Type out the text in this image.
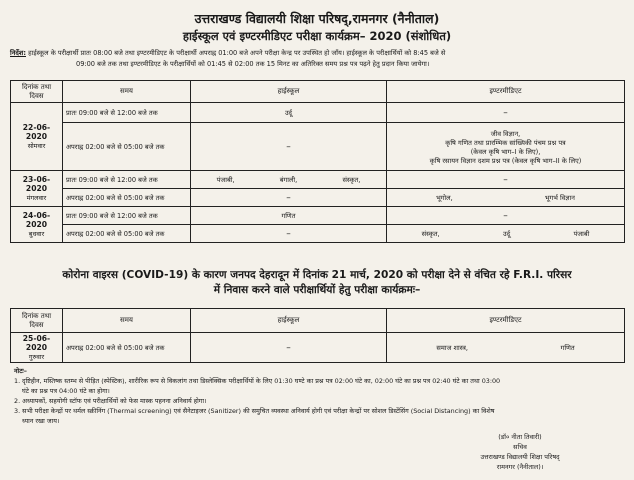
उत्तराखण्ड विद्यालयी शिक्षा परिषद्,रामनगर (नैनीताल)
हाईस्कूल एवं इण्टरमीडिएट परीक्षा कार्यक्रम– 2020 (संशोधित)
निर्देश: हाईस्कूल के परीक्षार्थी प्रातः 08:00 बजे तथा इण्टरमीडिएट के परीक्षार्थी अपराह्न 01:00 बजे अपने परीक्षा केन्द्र पर उपस्थित हो जाँय। हाईस्कूल के परीक्षार्थियों को 8:45 बजे से
09:00 बजे तक तथा इण्टरमीडिएट के परीक्षार्थियों को 01:45 से 02:00 तक 15 मिनट का अतिरिक्त समय प्रश्न पत्र पढ़ने हेतु प्रदान किया जायेगा।
दिनांक तथा दिवस	समय	हाईस्कूल	इण्टरमीडिएट

22-06-2020
सोमवार	प्रातः 09:00 बजे से 12:00 बजे तक	उर्दू	–
	अपराह्न 02:00 बजे से 05:00 बजे तक	–	जीव विज्ञान,
कृषि गणित तथा प्रारम्भिक सांख्यिकी पंचम प्रश्न पत्र
(केवल कृषि भाग–I के लिए),
कृषि रसायन विज्ञान दशम प्रश्न पत्र (केवल कृषि भाग–II के लिए)

23-06-2020
मंगलवार	प्रातः 09:00 बजे से 12:00 बजे तक	पंजाबी, बंगाली, संस्कृत,	–
	अपराह्न 02:00 बजे से 05:00 बजे तक	–	भूगोल, भूगर्भ विज्ञान

24-06-2020
बुधवार	प्रातः 09:00 बजे से 12:00 बजे तक	गणित	–
	अपराह्न 02:00 बजे से 05:00 बजे तक	–	संस्कृत, उर्दू पंजाबी
कोरोना वाइरस (COVID-19) के कारण जनपद देहरादून में दिनांक 21 मार्च, 2020 को परीक्षा देने से वंचित रहे F.R.I. परिसर
में निवास करने वाले परीक्षार्थियों हेतु परीक्षा कार्यक्रमः–
दिनांक तथा दिवस	समय	हाईस्कूल	इण्टरमीडिएट

25-06-2020
गुरुवार	अपराह्न 02:00 बजे से 05:00 बजे तक	–	समाज शास्त्र, गणित
नोटः–
1. दृष्टिहीन, मस्तिष्क स्तम्भ से पीड़ित (स्पेस्टिक), शारीरिक रूप से विकलांग तथा डिस्लेक्सिक परीक्षार्थियों के लिए 01:30 घण्टे का प्रश्न पत्र 02:00 घंटे का, 02:00 घंटे का प्रश्न पत्र 02:40 घंटे का तथा 03:00
घंटे का प्रश्न पत्र 04:00 घंटे का होगा।
2. अध्यापकों, सहयोगी स्टॉफ एवं परीक्षार्थियों को फेस मास्क पहनना अनिवार्य होगा।
3. सभी परीक्षा केन्द्रों पर थर्मल स्क्रीनिंग (Thermal screening) एवं सैनेटाइजर (Sanitizer) की समुचित व्यवस्था अनिवार्य होगी एवं परीक्षा केन्द्रों पर सोशल डिस्टेंसिंग (Social Distancing) का विशेष
ध्यान रखा जाय।
(डॉ० नीता तिवारी)
सचिव
उत्तराखण्ड विद्यालयी शिक्षा परिषद्
रामनगर (नैनीताल)।
